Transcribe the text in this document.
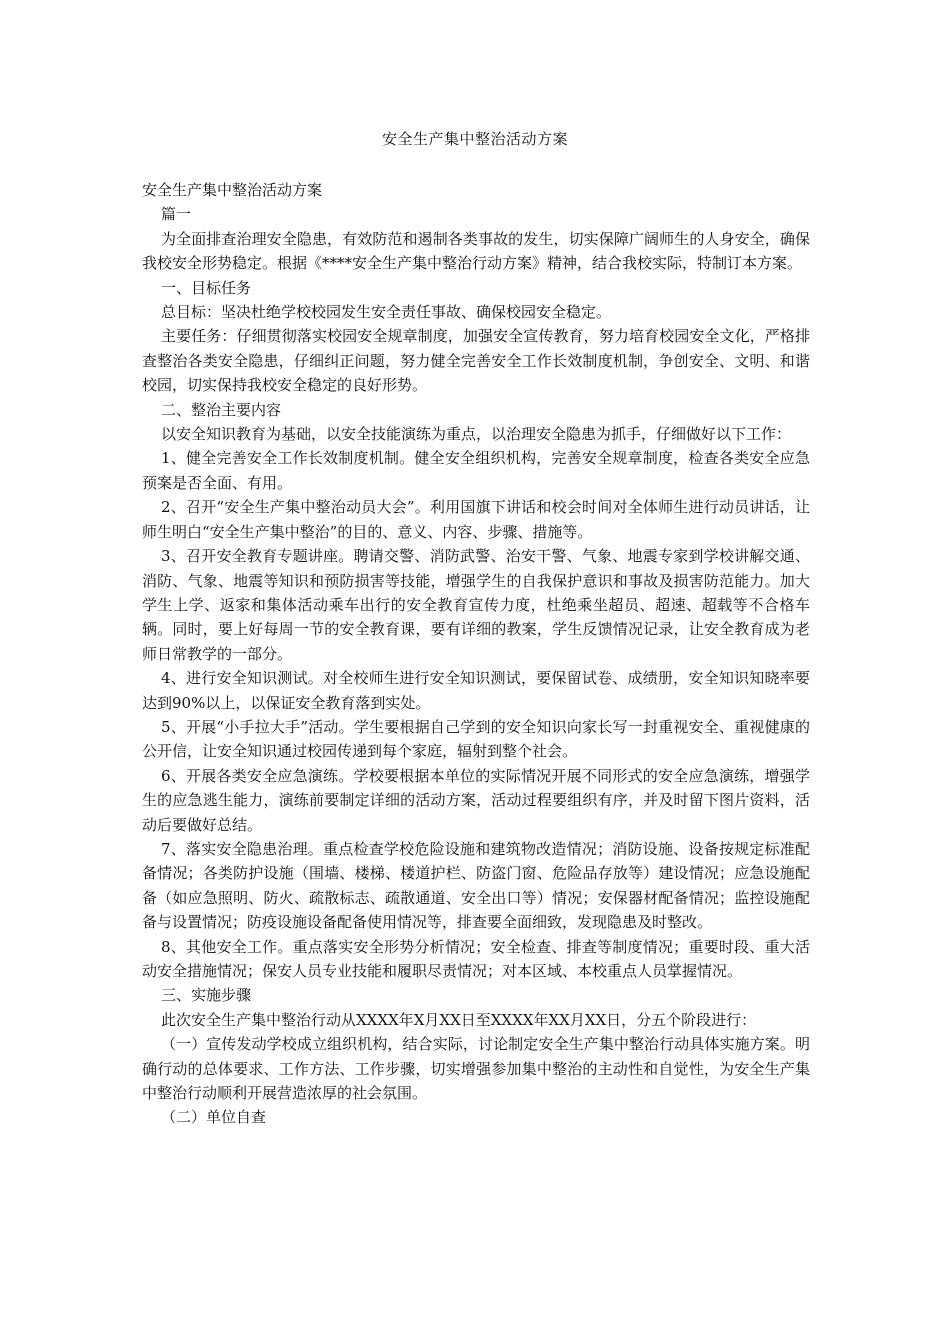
安全生产集中整治活动方案

安全生产集中整治活动方案

篇一

为全面排查治理安全隐患，有效防范和遏制各类事故的发生，切实保障广阔师生的人身安全，确保我校安全形势稳定。根据《****安全生产集中整治行动方案》精神，结合我校实际，特制订本方案。

一、目标任务

总目标：坚决杜绝学校校园发生安全责任事故、确保校园安全稳定。

主要任务：仔细贯彻落实校园安全规章制度，加强安全宣传教育，努力培育校园安全文化，严格排查整治各类安全隐患，仔细纠正问题，努力健全完善安全工作长效制度机制，争创安全、文明、和谐校园，切实保持我校安全稳定的良好形势。

二、整治主要内容

以安全知识教育为基础，以安全技能演练为重点，以治理安全隐患为抓手，仔细做好以下工作：

1、健全完善安全工作长效制度机制。健全安全组织机构，完善安全规章制度，检查各类安全应急预案是否全面、有用。

2、召开“安全生产集中整治动员大会”。利用国旗下讲话和校会时间对全体师生进行动员讲话，让师生明白“安全生产集中整治”的目的、意义、内容、步骤、措施等。

3、召开安全教育专题讲座。聘请交警、消防武警、治安干警、气象、地震专家到学校讲解交通、消防、气象、地震等知识和预防损害等技能，增强学生的自我保护意识和事故及损害防范能力。加大学生上学、返家和集体活动乘车出行的安全教育宣传力度，杜绝乘坐超员、超速、超载等不合格车辆。同时，要上好每周一节的安全教育课，要有详细的教案，学生反馈情况记录，让安全教育成为老师日常教学的一部分。

4、进行安全知识测试。对全校师生进行安全知识测试，要保留试卷、成绩册，安全知识知晓率要达到90%以上，以保证安全教育落到实处。

5、开展“小手拉大手”活动。学生要根据自己学到的安全知识向家长写一封重视安全、重视健康的公开信，让安全知识通过校园传递到每个家庭，辐射到整个社会。

6、开展各类安全应急演练。学校要根据本单位的实际情况开展不同形式的安全应急演练，增强学生的应急逃生能力，演练前要制定详细的活动方案，活动过程要组织有序，并及时留下图片资料，活动后要做好总结。

7、落实安全隐患治理。重点检查学校危险设施和建筑物改造情况；消防设施、设备按规定标准配备情况；各类防护设施（围墙、楼梯、楼道护栏、防盗门窗、危险品存放等）建设情况；应急设施配备（如应急照明、防火、疏散标志、疏散通道、安全出口等）情况；安保器材配备情况；监控设施配备与设置情况；防疫设施设备配备使用情况等，排查要全面细致，发现隐患及时整改。

8、其他安全工作。重点落实安全形势分析情况；安全检查、排查等制度情况；重要时段、重大活动安全措施情况；保安人员专业技能和履职尽责情况；对本区域、本校重点人员掌握情况。

三、实施步骤

此次安全生产集中整治行动从XXXX年X月XX日至XXXX年XX月XX日，分五个阶段进行：

（一）宣传发动学校成立组织机构，结合实际，讨论制定安全生产集中整治行动具体实施方案。明确行动的总体要求、工作方法、工作步骤，切实增强参加集中整治的主动性和自觉性，为安全生产集中整治行动顺利开展营造浓厚的社会氛围。

（二）单位自查
